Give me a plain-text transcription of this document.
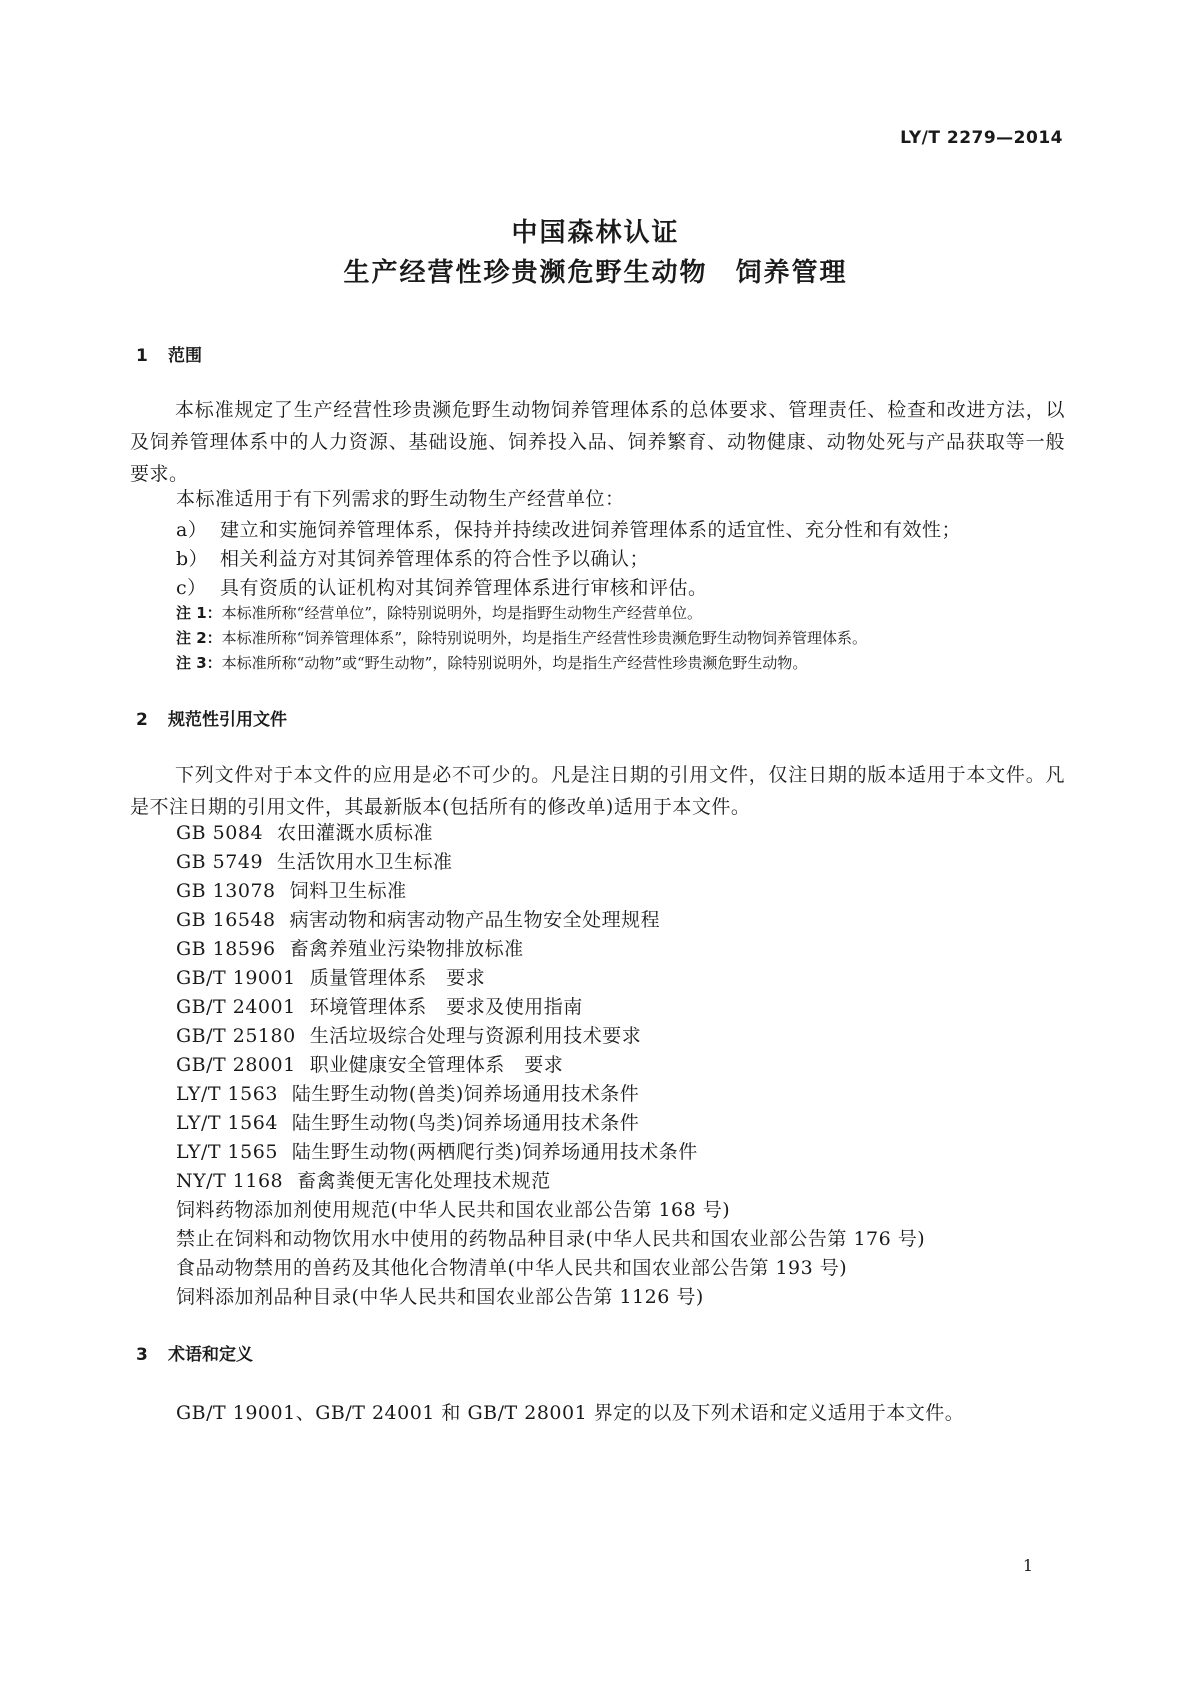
LY/T 2279—2014
中国森林认证
生产经营性珍贵濒危野生动物　饲养管理
1 范围

本标准规定了生产经营性珍贵濒危野生动物饲养管理体系的总体要求、管理责任、检查和改进方法，以及饲养管理体系中的人力资源、基础设施、饲养投入品、饲养繁育、动物健康、动物处死与产品获取等一般要求。

本标准适用于有下列需求的野生动物生产经营单位：
a） 建立和实施饲养管理体系，保持并持续改进饲养管理体系的适宜性、充分性和有效性；
b） 相关利益方对其饲养管理体系的符合性予以确认；
c） 具有资质的认证机构对其饲养管理体系进行审核和评估。
注 1：本标准所称“经营单位”，除特别说明外，均是指野生动物生产经营单位。
注 2：本标准所称“饲养管理体系”，除特别说明外，均是指生产经营性珍贵濒危野生动物饲养管理体系。
注 3：本标准所称“动物”或“野生动物”，除特别说明外，均是指生产经营性珍贵濒危野生动物。
2 规范性引用文件

下列文件对于本文件的应用是必不可少的。凡是注日期的引用文件，仅注日期的版本适用于本文件。凡是不注日期的引用文件，其最新版本(包括所有的修改单)适用于本文件。

GB 5084 农田灌溉水质标准
GB 5749 生活饮用水卫生标准
GB 13078 饲料卫生标准
GB 16548 病害动物和病害动物产品生物安全处理规程
GB 18596 畜禽养殖业污染物排放标准
GB/T 19001 质量管理体系　要求
GB/T 24001 环境管理体系　要求及使用指南
GB/T 25180 生活垃圾综合处理与资源利用技术要求
GB/T 28001 职业健康安全管理体系　要求
LY/T 1563 陆生野生动物(兽类)饲养场通用技术条件
LY/T 1564 陆生野生动物(鸟类)饲养场通用技术条件
LY/T 1565 陆生野生动物(两栖爬行类)饲养场通用技术条件
NY/T 1168 畜禽粪便无害化处理技术规范
饲料药物添加剂使用规范(中华人民共和国农业部公告第 168 号)
禁止在饲料和动物饮用水中使用的药物品种目录(中华人民共和国农业部公告第 176 号)
食品动物禁用的兽药及其他化合物清单(中华人民共和国农业部公告第 193 号)
饲料添加剂品种目录(中华人民共和国农业部公告第 1126 号)
3 术语和定义
GB/T 19001、GB/T 24001 和 GB/T 28001 界定的以及下列术语和定义适用于本文件。
1
